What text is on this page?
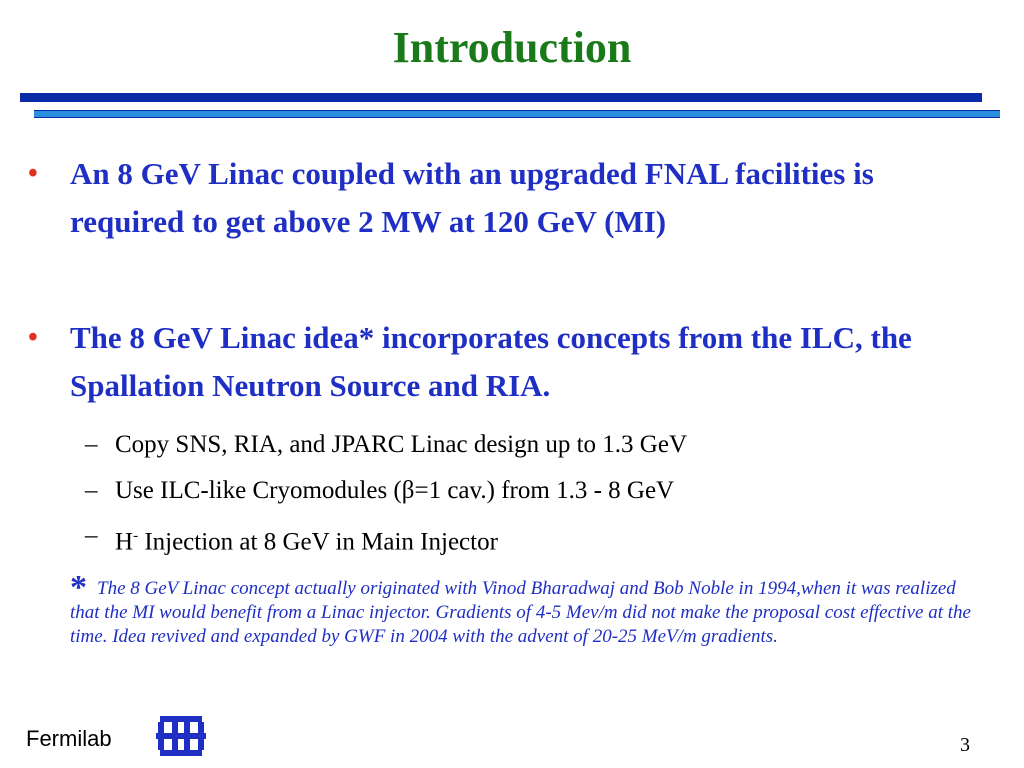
Introduction
• An 8 GeV Linac coupled with an upgraded FNAL facilities is required to get above 2 MW at 120 GeV (MI)
• The 8 GeV Linac idea* incorporates concepts from the ILC, the Spallation Neutron Source and RIA.
– Copy SNS, RIA, and JPARC Linac design up to 1.3 GeV
– Use ILC-like Cryomodules (β=1 cav.) from 1.3 - 8 GeV
– H- Injection at 8 GeV in Main Injector
* The 8 GeV Linac concept actually originated with Vinod Bharadwaj and Bob Noble in 1994,when it was realized that the MI would benefit from a Linac injector. Gradients of 4-5 Mev/m did not make the proposal cost effective at the time. Idea revived and expanded by GWF in 2004 with the advent of 20-25 MeV/m gradients.
Fermilab	3
